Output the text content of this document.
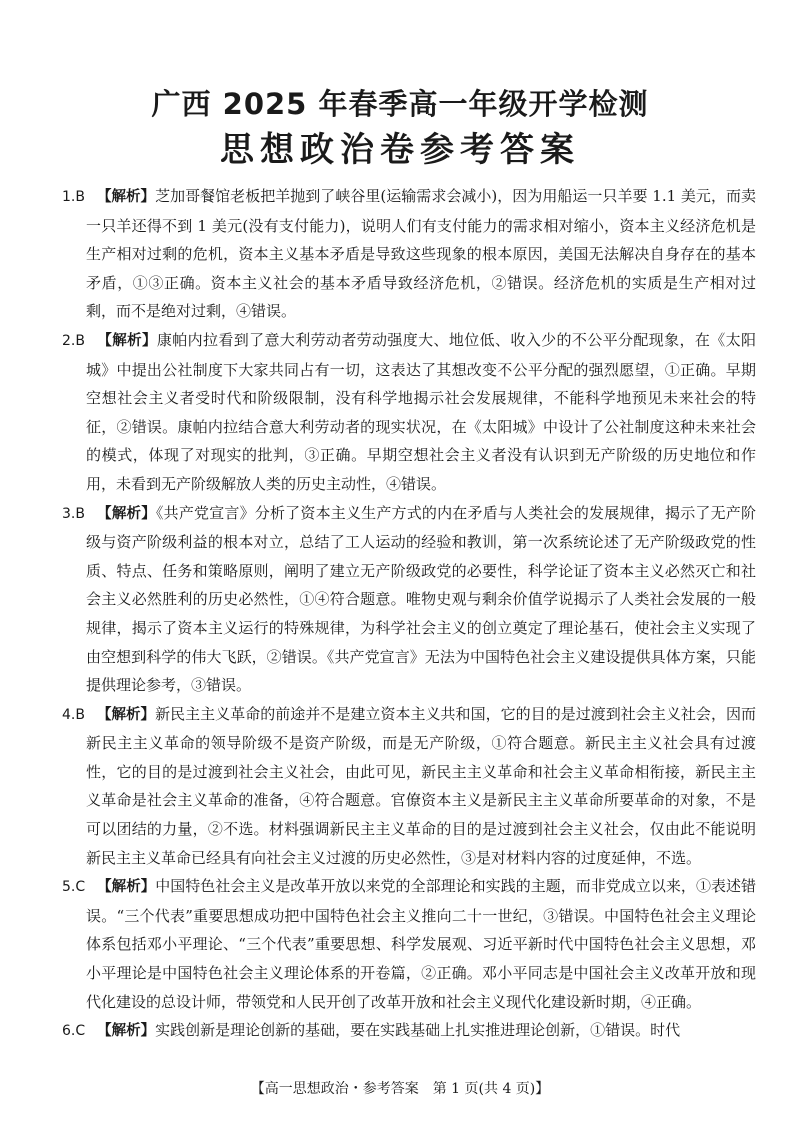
广西 2025 年春季高一年级开学检测
思想政治卷参考答案

1.B 【解析】芝加哥餐馆老板把羊抛到了峡谷里(运输需求会减小)，因为用船运一只羊要 1.1 美元，而卖一只羊还得不到 1 美元(没有支付能力)，说明人们有支付能力的需求相对缩小，资本主义经济危机是生产相对过剩的危机，资本主义基本矛盾是导致这些现象的根本原因，美国无法解决自身存在的基本矛盾，①③正确。资本主义社会的基本矛盾导致经济危机，②错误。经济危机的实质是生产相对过剩，而不是绝对过剩，④错误。

2.B 【解析】康帕内拉看到了意大利劳动者劳动强度大、地位低、收入少的不公平分配现象，在《太阳城》中提出公社制度下大家共同占有一切，这表达了其想改变不公平分配的强烈愿望，①正确。早期空想社会主义者受时代和阶级限制，没有科学地揭示社会发展规律，不能科学地预见未来社会的特征，②错误。康帕内拉结合意大利劳动者的现实状况，在《太阳城》中设计了公社制度这种未来社会的模式，体现了对现实的批判，③正确。早期空想社会主义者没有认识到无产阶级的历史地位和作用，未看到无产阶级解放人类的历史主动性，④错误。

3.B 【解析】《共产党宣言》分析了资本主义生产方式的内在矛盾与人类社会的发展规律，揭示了无产阶级与资产阶级利益的根本对立，总结了工人运动的经验和教训，第一次系统论述了无产阶级政党的性质、特点、任务和策略原则，阐明了建立无产阶级政党的必要性，科学论证了资本主义必然灭亡和社会主义必然胜利的历史必然性，①④符合题意。唯物史观与剩余价值学说揭示了人类社会发展的一般规律，揭示了资本主义运行的特殊规律，为科学社会主义的创立奠定了理论基石，使社会主义实现了由空想到科学的伟大飞跃，②错误。《共产党宣言》无法为中国特色社会主义建设提供具体方案，只能提供理论参考，③错误。

4.B 【解析】新民主主义革命的前途并不是建立资本主义共和国，它的目的是过渡到社会主义社会，因而新民主主义革命的领导阶级不是资产阶级，而是无产阶级，①符合题意。新民主主义社会具有过渡性，它的目的是过渡到社会主义社会，由此可见，新民主主义革命和社会主义革命相衔接，新民主主义革命是社会主义革命的准备，④符合题意。官僚资本主义是新民主主义革命所要革命的对象，不是可以团结的力量，②不选。材料强调新民主主义革命的目的是过渡到社会主义社会，仅由此不能说明新民主主义革命已经具有向社会主义过渡的历史必然性，③是对材料内容的过度延伸，不选。

5.C 【解析】中国特色社会主义是改革开放以来党的全部理论和实践的主题，而非党成立以来，①表述错误。“三个代表”重要思想成功把中国特色社会主义推向二十一世纪，③错误。中国特色社会主义理论体系包括邓小平理论、“三个代表”重要思想、科学发展观、习近平新时代中国特色社会主义思想，邓小平理论是中国特色社会主义理论体系的开卷篇，②正确。邓小平同志是中国社会主义改革开放和现代化建设的总设计师，带领党和人民开创了改革开放和社会主义现代化建设新时期，④正确。

6.C 【解析】实践创新是理论创新的基础，要在实践基础上扎实推进理论创新，①错误。时代

【高一思想政治・参考答案　第 1 页(共 4 页)】
